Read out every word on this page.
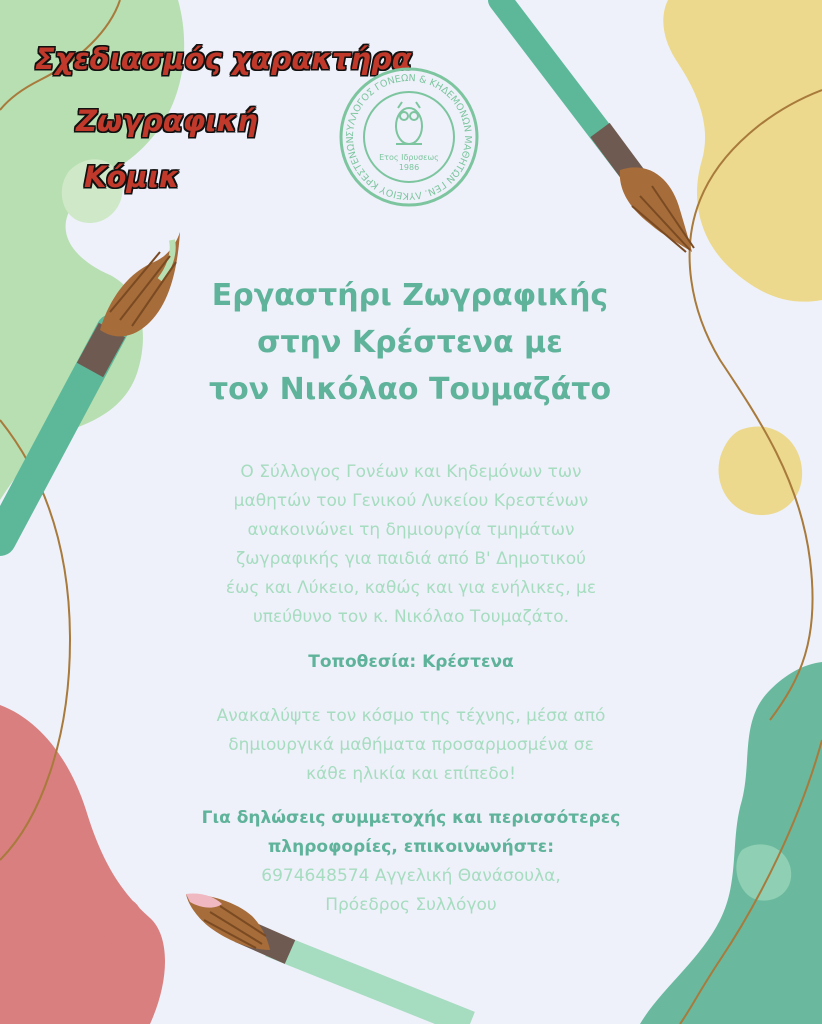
Σχεδιασμός χαρακτήρα
Ζωγραφική
Κόμικ
ΣΥΛΛΟΓΟΣ ΓΟΝΕΩΝ & ΚΗΔΕΜΟΝΩΝ ΜΑΘΗΤΩΝ ΓΕΝ. ΛΥΚΕΙΟΥ ΚΡΕΣΤΕΝΩΝ
Ετος Ιδρυσεως
1986
Εργαστήρι Ζωγραφικής
στην Κρέστενα με
τον Νικόλαο Τουμαζάτο
Ο Σύλλογος Γονέων και Κηδεμόνων των
μαθητών του Γενικού Λυκείου Κρεστένων
ανακοινώνει τη δημιουργία τμημάτων
ζωγραφικής για παιδιά από Β' Δημοτικού
έως και Λύκειο, καθώς και για ενήλικες, με
υπεύθυνο τον κ. Νικόλαο Τουμαζάτο.
Τοποθεσία: Κρέστενα
Ανακαλύψτε τον κόσμο της τέχνης, μέσα από
δημιουργικά μαθήματα προσαρμοσμένα σε
κάθε ηλικία και επίπεδο!
Για δηλώσεις συμμετοχής και περισσότερες
πληροφορίες, επικοινωνήστε:
6974648574 Αγγελική Θανάσουλα,
Πρόεδρος Συλλόγου
